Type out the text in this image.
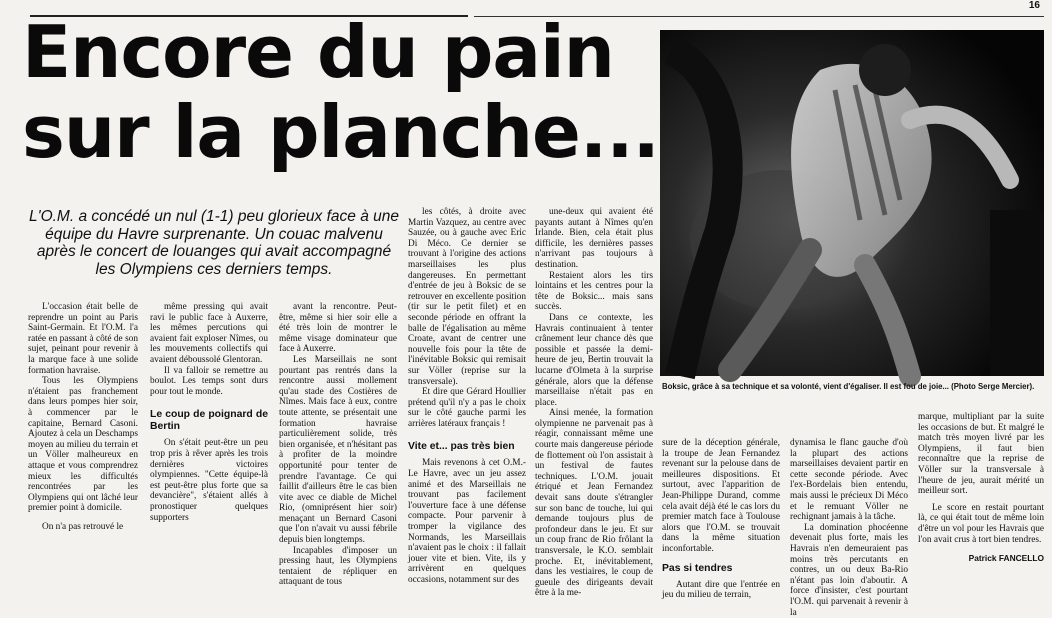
16
Encore du pain sur la planche...

L'O.M. a concédé un nul (1-1) peu glorieux face à une équipe du Havre surprenante. Un couac malvenu après le concert de louanges qui avait accompagné les Olympiens ces derniers temps.

Boksic, grâce à sa technique et sa volonté, vient d'égaliser. Il est fou de joie... (Photo Serge Mercier).

L'occasion était belle de reprendre un point au Paris Saint-Germain. Et l'O.M. l'a ratée en passant à côté de son sujet, peinant pour revenir à la marque face à une solide formation havraise.

Tous les Olympiens n'étaient pas franchement dans leurs pompes hier soir, à commencer par le capitaine, Bernard Casoni. Ajoutez à cela un Deschamps moyen au milieu du terrain et un Völler malheureux en attaque et vous comprendrez mieux les difficultés rencontrées par les Olympiens qui ont lâché leur premier point à domicile.

On n'a pas retrouvé le

même pressing qui avait ravi le public face à Auxerre, les mêmes percutions qui avaient fait exploser Nîmes, ou les mouvements collectifs qui avaient déboussolé Glentoran.

Il va falloir se remettre au boulot. Les temps sont durs pour tout le monde.

Le coup de poignard de Bertin

On s'était peut-être un peu trop pris à rêver après les trois dernières victoires olympiennes. "Cette équipe-là est peut-être plus forte que sa devancière", s'étaient allés à pronostiquer quelques supporters

avant la rencontre. Peut-être, même si hier soir elle a été très loin de montrer le même visage dominateur que face à Auxerre.

Les Marseillais ne sont pourtant pas rentrés dans la rencontre aussi mollement qu'au stade des Costières de Nîmes. Mais face à eux, contre toute attente, se présentait une formation havraise particulièrement solide, très bien organisée, et n'hésitant pas à profiter de la moindre opportunité pour tenter de prendre l'avantage. Ce qui faillit d'ailleurs être le cas bien vite avec ce diable de Michel Rio, (omniprésent hier soir) menaçant un Bernard Casoni que l'on n'avait vu aussi fébrile depuis bien longtemps.

Incapables d'imposer un pressing haut, les Olympiens tentaient de répliquer en attaquant de tous

les côtés, à droite avec Martin Vazquez, au centre avec Sauzée, ou à gauche avec Eric Di Méco. Ce dernier se trouvant à l'origine des actions marseillaises les plus dangereuses. En permettant d'entrée de jeu à Boksic de se retrouver en excellente position (tir sur le petit filet) et en seconde période en offrant la balle de l'égalisation au même Croate, avant de centrer une nouvelle fois pour la tête de l'inévitable Boksic qui remisait sur Völler (reprise sur la transversale).

Et dire que Gérard Houllier prétend qu'il n'y a pas le choix sur le côté gauche parmi les arrières latéraux français !

Vite et... pas très bien

Mais revenons à cet O.M.-Le Havre, avec un jeu assez animé et des Marseillais ne trouvant pas facilement l'ouverture face à une défense compacte. Pour parvenir à tromper la vigilance des Normands, les Marseillais n'avaient pas le choix : il fallait jouer vite et bien. Vite, ils y arrivèrent en quelques occasions, notamment sur des

une-deux qui avaient été payants autant à Nîmes qu'en Irlande. Bien, cela était plus difficile, les dernières passes n'arrivant pas toujours à destination.

Restaient alors les tirs lointains et les centres pour la tête de Boksic... mais sans succès.

Dans ce contexte, les Havrais continuaient à tenter crânement leur chance dès que possible et passée la demi-heure de jeu, Bertin trouvait la lucarne d'Olmeta à la surprise générale, alors que la défense marseillaise n'était pas en place.

Ainsi menée, la formation olympienne ne parvenait pas à réagir, connaissant même une courte mais dangereuse période de flottement où l'on assistait à un festival de fautes techniques. L'O.M. jouait étriqué et Jean Fernandez devait sans doute s'étrangler sur son banc de touche, lui qui demande toujours plus de profondeur dans le jeu. Et sur un coup franc de Rio frôlant la transversale, le K.O. semblait proche. Et, inévitablement, dans les vestiaires, le coup de gueule des dirigeants devait être à la me-

sure de la déception générale, la troupe de Jean Fernandez revenant sur la pelouse dans de meilleures dispositions. Et surtout, avec l'apparition de Jean-Philippe Durand, comme cela avait déjà été le cas lors du premier match face à Toulouse alors que l'O.M. se trouvait dans la même situation inconfortable.

Pas si tendres

Autant dire que l'entrée en jeu du milieu de terrain,

dynamisa le flanc gauche d'où la plupart des actions marseillaises devaient partir en cette seconde période. Avec l'ex-Bordelais bien entendu, mais aussi le précieux Di Méco et le remuant Völler ne rechignant jamais à la tâche.

La domination phocéenne devenait plus forte, mais les Havrais n'en demeuraient pas moins très percutants en contres, un ou deux Ba-Rio n'étant pas loin d'aboutir. A force d'insister, c'est pourtant l'O.M. qui parvenait à revenir à la

marque, multipliant par la suite les occasions de but. Et malgré le match très moyen livré par les Olympiens, il faut bien reconnaître que la reprise de Völler sur la transversale à l'heure de jeu, aurait mérité un meilleur sort.

Le score en restait pourtant là, ce qui était tout de même loin d'être un vol pour les Havrais que l'on avait crus à tort bien tendres.

Patrick FANCELLO
